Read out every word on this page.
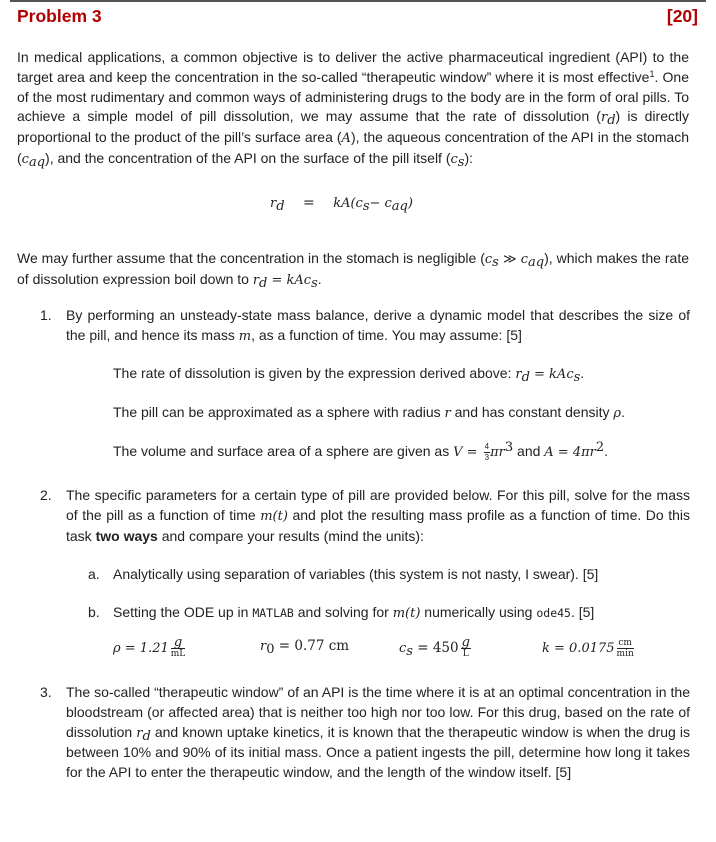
Problem 3	[20]
In medical applications, a common objective is to deliver the active pharmaceutical ingredient (API) to the target area and keep the concentration in the so-called “therapeutic window” where it is most effective$^1$. One of the most rudimentary and common ways of administering drugs to the body are in the form of oral pills. To achieve a simple model of pill dissolution, we may assume that the rate of dissolution $(r_d)$ is directly proportional to the product of the pill’s surface area (A), the aqueous concentration of the API in the stomach $(c_{aq})$, and the concentration of the API on the surface of the pill itself $(c_s)$:
$r_d = kA(c_s- c_{aq})$
We may further assume that the concentration in the stomach is negligible ($c_s$ ≫ $c_{aq}$), which makes the rate of dissolution expression boil down to $r_d = kAc_s$.
1. By performing an unsteady-state mass balance, derive a dynamic model that describes the size of the pill, and hence its mass m, as a function of time. You may assume: [5]
The rate of dissolution is given by the expression derived above: $r_d = kAc_s$.
The pill can be approximated as a sphere with radius r and has constant density ρ.
The volume and surface area of a sphere are given as $V = \frac{4}{3} \pi r^3$ and $A = 4\pi r^2$.
2. The specific parameters for a certain type of pill are provided below. For this pill, solve for the mass of the pill as a function of time m(t) and plot the resulting mass profile as a function of time. Do this task two ways and compare your results (mind the units):
a. Analytically using separation of variables (this system is not nasty, I swear). [5]
b. Setting the ODE up in MATLAB and solving for m(t) numerically using ode45. [5]
$\rho = 1.21 \frac{g}{mL}$	$r_0 = 0.77$ cm	$c_s = 450 \frac{g}{L}$	$k = 0.0175 \frac{cm}{\min}$
3. The so-called “therapeutic window” of an API is the time where it is at an optimal concentration in the bloodstream (or affected area) that is neither too high nor too low. For this drug, based on the rate of dissolution $r_d$ and known uptake kinetics, it is known that the therapeutic window is when the drug is between 10% and 90% of its initial mass. Once a patient ingests the pill, determine how long it takes for the API to enter the therapeutic window, and the length of the window itself. [5]
